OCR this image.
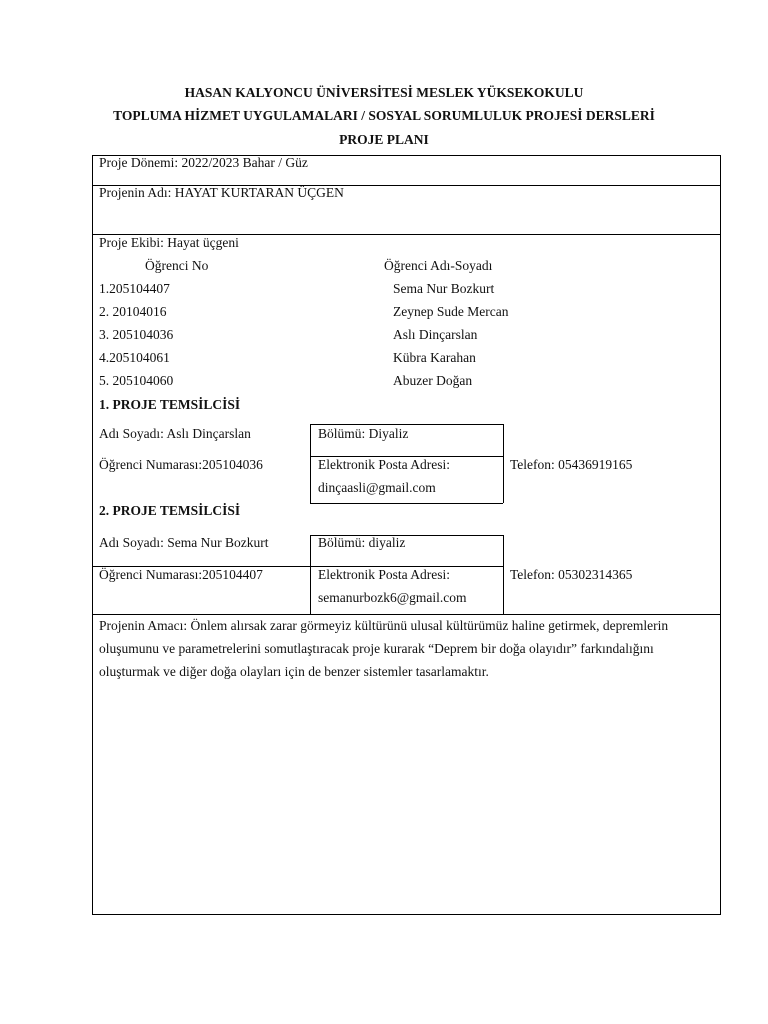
HASAN KALYONCU ÜNİVERSİTESİ MESLEK YÜKSEKOKULU
TOPLUMA HİZMET UYGULAMALARI / SOSYAL SORUMLULUK PROJESİ DERSLERİ
PROJE PLANI
Proje Dönemi: 2022/2023 Bahar / Güz
Projenin Adı: HAYAT KURTARAN ÜÇGEN
Proje Ekibi: Hayat üçgeni
Öğrenci No	Öğrenci Adı-Soyadı
1.205104407	Sema Nur Bozkurt
2. 20104016	Zeynep Sude Mercan
3. 205104036	Aslı Dinçarslan
4.205104061	Kübra Karahan
5. 205104060	Abuzer Doğan
1. PROJE TEMSİLCİSİ
Adı Soyadı: Aslı Dinçarslan	Bölümü: Diyaliz
Öğrenci Numarası:205104036	Elektronik Posta Adresi:
dinçaasli@gmail.com
Telefon: 05436919165
2. PROJE TEMSİLCİSİ
Adı Soyadı: Sema Nur Bozkurt	Bölümü: diyaliz
Öğrenci Numarası:205104407	Elektronik Posta Adresi:
semanurbozk6@gmail.com
Telefon: 05302314365
Projenin Amacı: Önlem alırsak zarar görmeyiz kültürünü ulusal kültürümüz haline getirmek, depremlerin oluşumunu ve parametrelerini somutlaştıracak proje kurarak “Deprem bir doğa olayıdır” farkındalığını oluşturmak ve diğer doğa olayları için de benzer sistemler tasarlamaktır.
